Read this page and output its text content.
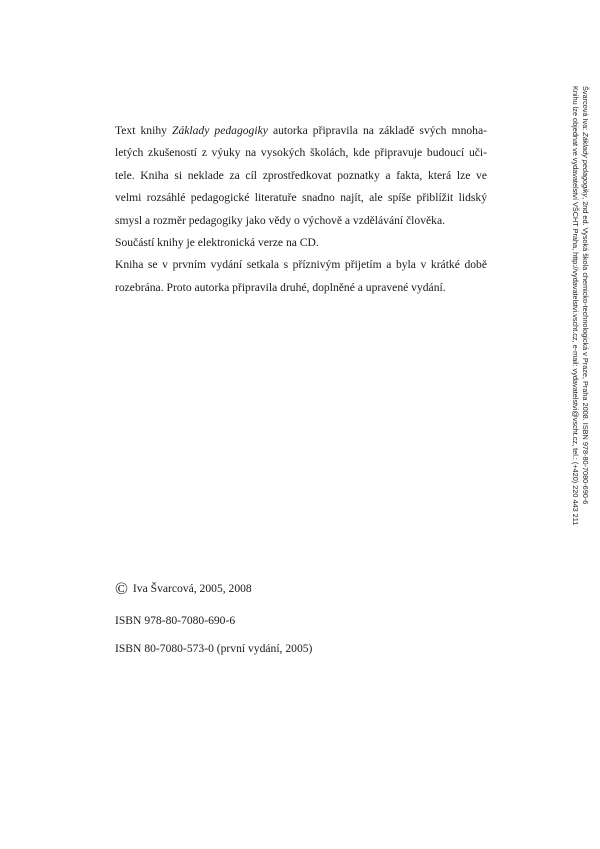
Text knihy Základy pedagogiky autorka připravila na základě svých mnoha-
letých zkušeností z výuky na vysokých školách, kde připravuje budoucí uči-
tele. Kniha si neklade za cíl zprostředkovat poznatky a fakta, která lze ve
velmi rozsáhlé pedagogické literatuře snadno najít, ale spíše přiblížit lidský
smysl a rozměr pedagogiky jako vědy o výchově a vzdělávání člověka.
Součástí knihy je elektronická verze na CD.
Kniha se v prvním vydání setkala s příznivým přijetím a byla v krátké době
rozebrána. Proto autorka připravila druhé, doplněné a upravené vydání.
Švarcová Iva: Základy pedagogiky, 2nd ed. Vysoká škola chemicko-technologická v Praze, Praha 2008. ISBN 978-80-7080-690-6
Knihu lze objednat ve vydavatelství VŠCHT Praha, http://vydavatelstvi.vscht.cz, e-mail: vydavatelstvi@vscht.cz, tel.: (+420) 220 443 211
© Iva Švarcová, 2005, 2008
ISBN 978-80-7080-690-6
ISBN 80-7080-573-0 (první vydání, 2005)
